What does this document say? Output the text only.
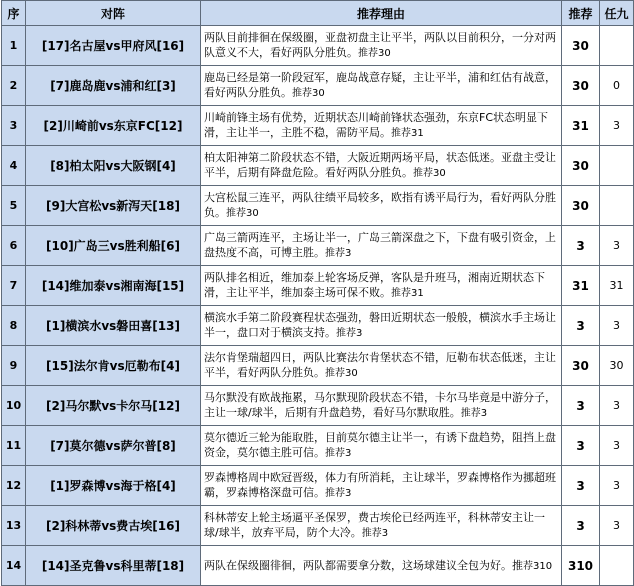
序	对阵	推荐理由	推荐	任九
1	[17]名古屋vs甲府风[16]	两队目前排徊在保级圈，亚盘初盘主让平半，两队以目前积分，一分对两队意义不大，看好两队分胜负。推荐30	30	
2	[7]鹿岛鹿vs浦和红[3]	鹿岛已经是第一阶段冠军，鹿岛战意存疑，主让平半，浦和红估有战意，看好两队分胜负。推荐30	30	0
3	[2]川崎前vs东京FC[12]	川崎前锋主场有优势，近期状态川崎前锋状态强劲，东京FC状态明显下滑，主让半一，主胜不稳，需防平局。推荐31	31	3
4	[8]柏太阳vs大阪钢[4]	柏太阳神第二阶段状态不错，大阪近期两场平局，状态低迷。亚盘主受让平半，后期有降盘危险。看好两队分胜负。推荐30	30	
5	[9]大宫松vs新泻天[18]	大宫松鼠三连平，两队往绩平局较多，欧指有诱平局行为，看好两队分胜负。推荐30	30	
6	[10]广岛三vs胜利船[6]	广岛三箭两连平，主场让半一，广岛三箭深盘之下，下盘有吸引资金，上盘热度不高，可博主胜。推荐3	3	3
7	[14]维加泰vs湘南海[15]	两队排名相近，维加泰上轮客场反弹，客队是升班马，湘南近期状态下滑，主让平半，维加泰主场可保不败。推荐31	31	31
8	[1]横滨水vs磐田喜[13]	横滨水手第二阶段赛程状态强劲，磐田近期状态一般般，横滨水手主场让半一，盘口对于横滨支持。推荐3	3	3
9	[15]法尔肯vs厄勒布[4]	法尔肯堡瑞超四日，两队比赛法尔肯堡状态不错，厄勒布状态低迷，主让平半，看好两队分胜负。推荐30	30	30
10	[2]马尔默vs卡尔马[12]	马尔默没有欧战拖累，马尔默现阶段状态不错，卡尔马毕竟是中游分子，主让一球/球半，后期有升盘趋势，看好马尔默取胜。推荐3	3	3
11	[7]莫尔德vs萨尔普[8]	莫尔德近三轮为能取胜，目前莫尔德主让半一，有诱下盘趋势，阻挡上盘资金，莫尔德主胜可信。推荐3	3	3
12	[1]罗森博vs海于格[4]	罗森博格周中欧冠晋级，体力有所消耗，主让球半，罗森博格作为挪超班霸，罗森博格深盘可信。推荐3	3	3
13	[2]科林蒂vs费古埃[16]	科林蒂安上轮主场逼平圣保罗，费古埃伦已经两连平，科林蒂安主让一球/球半，放弃平局，防个大冷。推荐3	3	3
14	[14]圣克鲁vs科里蒂[18]	两队在保级圈徘徊，两队都需要拿分数，这场球建议全包为好。推荐310	310	
